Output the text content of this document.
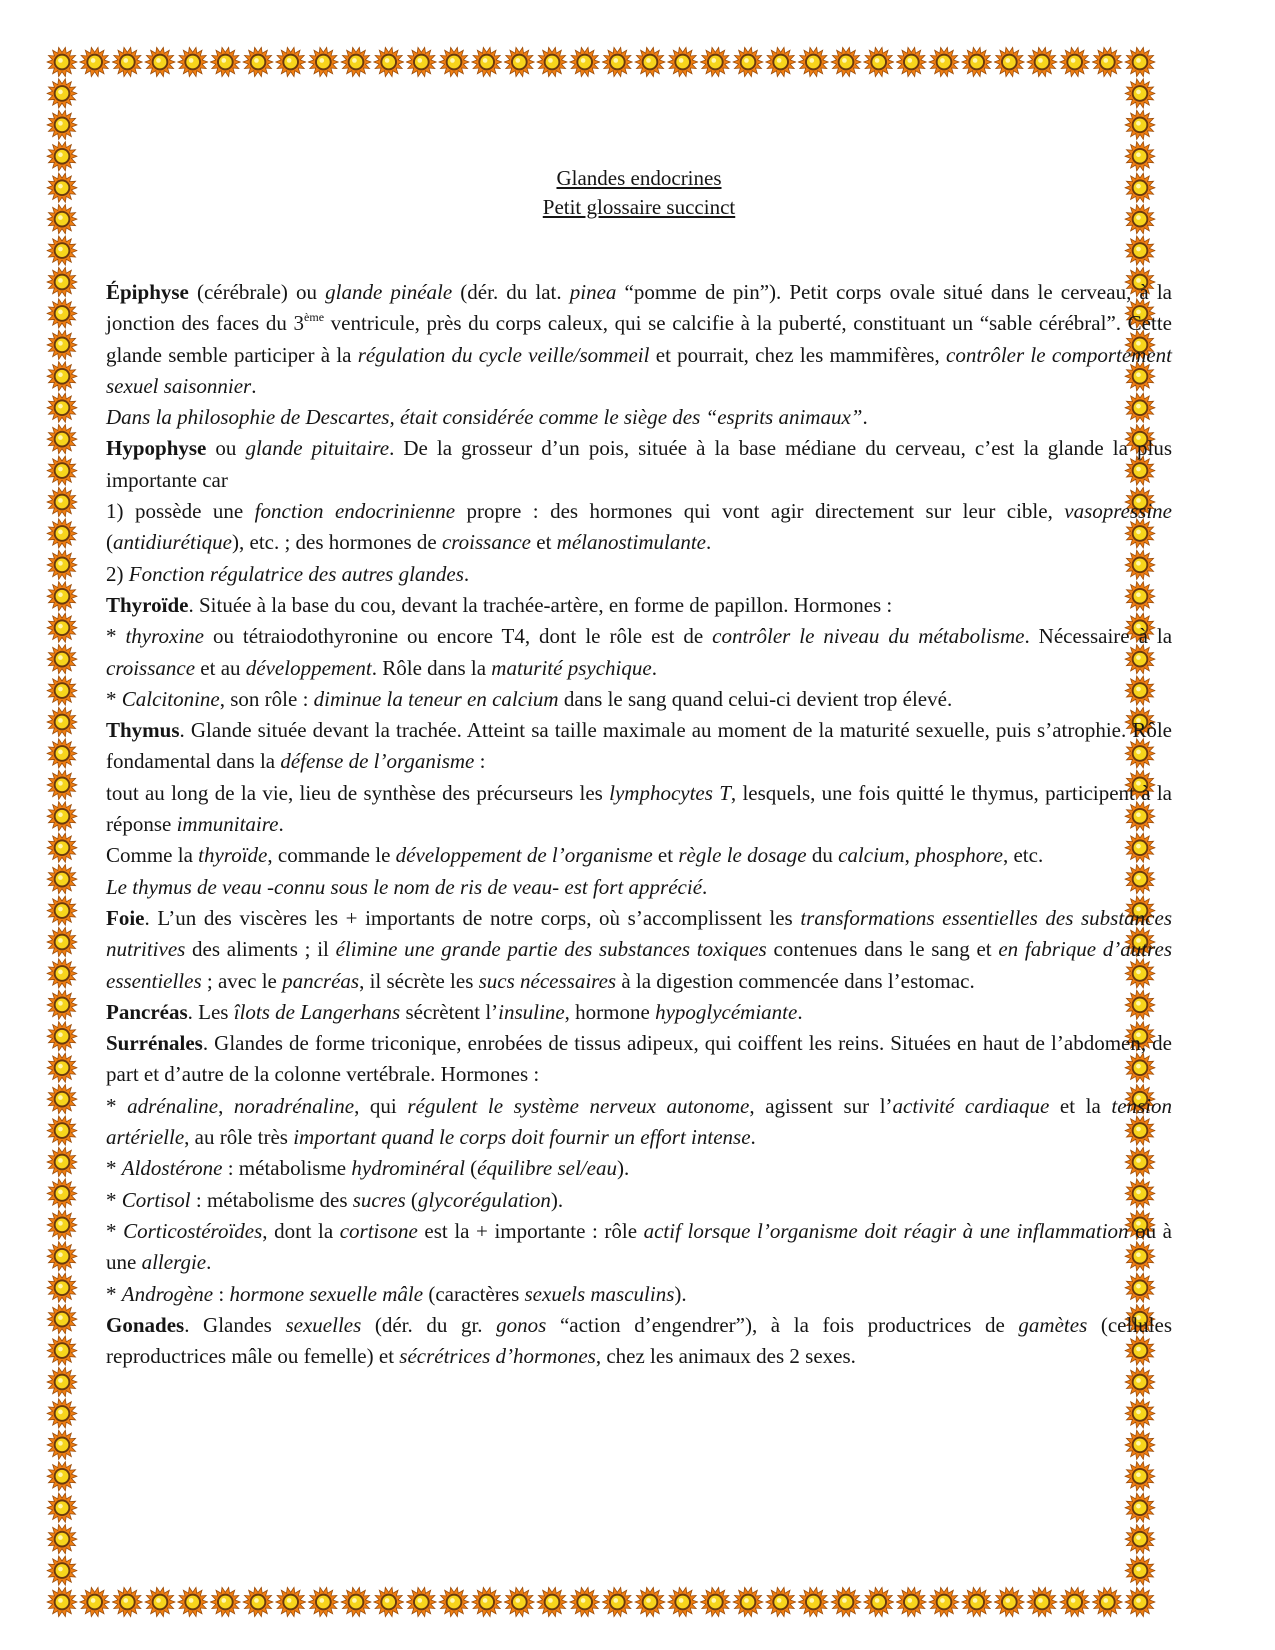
Glandes endocrines
Petit glossaire succinct

Épiphyse (cérébrale) ou glande pinéale (dér. du lat. pinea “pomme de pin”). Petit corps ovale situé dans le cerveau, à la jonction des faces du 3ème ventricule, près du corps caleux, qui se calcifie à la puberté, constituant un “sable cérébral”. Cette glande semble participer à la régulation du cycle veille/sommeil et pourrait, chez les mammifères, contrôler le comportement sexuel saisonnier.

Dans la philosophie de Descartes, était considérée comme le siège des “esprits animaux”.

Hypophyse ou glande pituitaire. De la grosseur d’un pois, située à la base médiane du cerveau, c’est la glande la plus importante car

1) possède une fonction endocrinienne propre : des hormones qui vont agir directement sur leur cible, vasopressine (antidiurétique), etc. ; des hormones de croissance et mélanostimulante.

2) Fonction régulatrice des autres glandes.

Thyroïde. Située à la base du cou, devant la trachée-artère, en forme de papillon. Hormones :

* thyroxine ou tétraiodothyronine ou encore T4, dont le rôle est de contrôler le niveau du métabolisme. Nécessaire à la croissance et au développement. Rôle dans la maturité psychique.

* Calcitonine, son rôle : diminue la teneur en calcium dans le sang quand celui-ci devient trop élevé.

Thymus. Glande située devant la trachée. Atteint sa taille maximale au moment de la maturité sexuelle, puis s’atrophie. Rôle fondamental dans la défense de l’organisme :

tout au long de la vie, lieu de synthèse des précurseurs les lymphocytes T, lesquels, une fois quitté le thymus, participent à la réponse immunitaire.

Comme la thyroïde, commande le développement de l’organisme et règle le dosage du calcium, phosphore, etc.

Le thymus de veau -connu sous le nom de ris de veau- est fort apprécié.

Foie. L’un des viscères les + importants de notre corps, où s’accomplissent les transformations essentielles des substances nutritives des aliments ; il élimine une grande partie des substances toxiques contenues dans le sang et en fabrique d’autres essentielles ; avec le pancréas, il sécrète les sucs nécessaires à la digestion commencée dans l’estomac.

Pancréas. Les îlots de Langerhans sécrètent l’insuline, hormone hypoglycémiante.

Surrénales. Glandes de forme triconique, enrobées de tissus adipeux, qui coiffent les reins. Situées en haut de l’abdomen, de part et d’autre de la colonne vertébrale. Hormones :

* adrénaline, noradrénaline, qui régulent le système nerveux autonome, agissent sur l’activité cardiaque et la tension artérielle, au rôle très important quand le corps doit fournir un effort intense.

* Aldostérone : métabolisme hydrominéral (équilibre sel/eau).

* Cortisol : métabolisme des sucres (glycorégulation).

* Corticostéroïdes, dont la cortisone est la + importante : rôle actif lorsque l’organisme doit réagir à une inflammation ou à une allergie.

* Androgène : hormone sexuelle mâle (caractères sexuels masculins).

Gonades. Glandes sexuelles (dér. du gr. gonos “action d’engendrer”), à la fois productrices de gamètes (cellules reproductrices mâle ou femelle) et sécrétrices d’hormones, chez les animaux des 2 sexes.
